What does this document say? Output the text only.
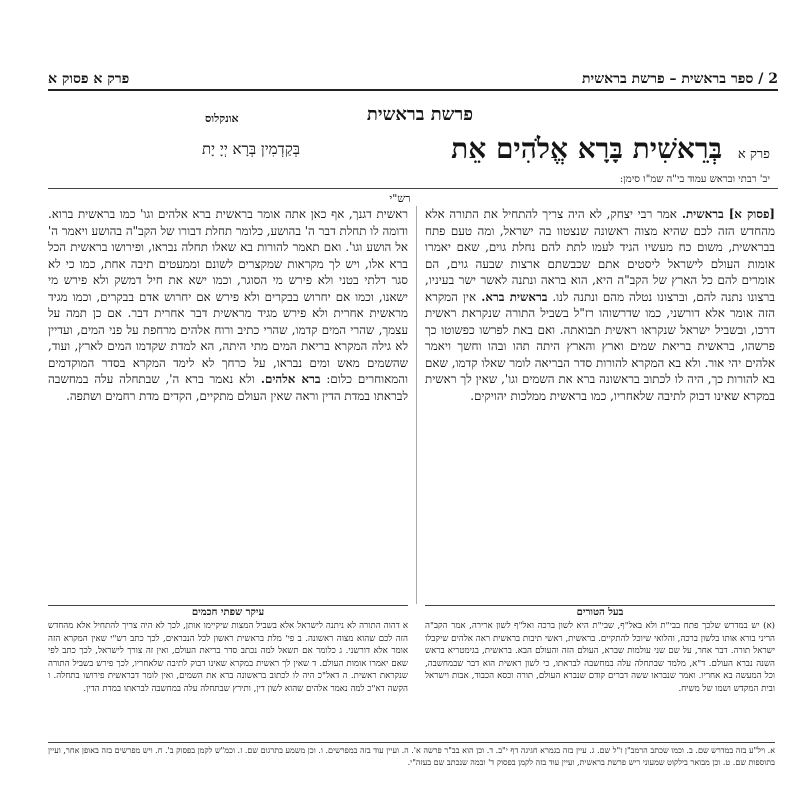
2 / ספר בראשית – פרשת בראשית
פרק א פסוק א
פרשת בראשית
אונקלוס
פרק א בְּרֵאשִׁית בָּרָא אֱלֹהִים אֵת
בְּקַדְמִין בְּרָא יְיָ יָת
יב' רבתי ובראש עמוד בי"ה שמ"ו סימן:
רש"י
[פסוק א] בראשית. אמר רבי יצחק, לא היה צריך להתחיל את התורה אלא מהחדש הזה לכם שהיא מצוה ראשונה שנצטוו בה ישראל, ומה טעם פתח בבראשית, משום כח מעשיו הגיד לעמו לתת להם נחלת גוים, שאם יאמרו אומות העולם לישראל ליסטים אתם שכבשתם ארצות שבעה גוים, הם אומרים להם כל הארץ של הקב"ה היא, הוא בראה ונתנה לאשר ישר בעיניו, ברצונו נתנה להם, וברצונו נטלה מהם ונתנה לנו. בראשית ברא. אין המקרא הזה אומר אלא דורשני, כמו שדרשוהו רז"ל בשביל התורה שנקראת ראשית דרכו, ובשביל ישראל שנקראו ראשית תבואתה. ואם באת לפרשו כפשוטו כך פרשהו, בראשית בריאת שמים וארץ והארץ היתה תהו ובהו וחשך ויאמר אלהים יהי אור. ולא בא המקרא להורות סדר הבריאה לומר שאלו קדמו, שאם בא להורות כך, היה לו לכתוב בראשונה ברא את השמים וגו', שאין לך ראשית במקרא שאינו דבוק לתיבה שלאחריו, כמו בראשית ממלכות יהויקים.
ראשית דגנך, אף כאן אתה אומר בראשית ברא אלהים וגו' כמו בראשית ברוא. ודומה לו תחלת דבר ה' בהושע, כלומר תחלת דבורו של הקב"ה בהושע ויאמר ה' אל הושע וגו'. ואם תאמר להורות בא שאלו תחלה נבראו, ופירושו בראשית הכל ברא אלו, ויש לך מקראות שמקצרים לשונם וממעטים תיבה אחת, כמו כי לא סגר דלתי בטני ולא פירש מי הסוגר, וכמו ישא את חיל דמשק ולא פירש מי ישאנו, וכמו אם יחרוש בבקרים ולא פירש אם יחרוש אדם בבקרים, וכמו מגיד מראשית אחרית ולא פירש מגיד מראשית דבר אחרית דבר. אם כן תמה על עצמך, שהרי המים קדמו, שהרי כתיב ורוח אלהים מרחפת על פני המים, ועדיין לא גילה המקרא בריאת המים מתי היתה, הא למדת שקדמו המים לארץ, ועוד, שהשמים מאש ומים נבראו, על כרחך לא לימד המקרא בסדר המוקדמים והמאוחרים כלום: ברא אלהים. ולא נאמר ברא ה', שבתחלה עלה במחשבה לבראתו במדת הדין וראה שאין העולם מתקיים, הקדים מדת רחמים ושתפה.
עיקר שפתי חכמים	בעל הטורים
א דהוה התורה לא ניתנה לישראל אלא בשביל המצות שיקיימו אותן, לכך לא היה צריך להתחיל אלא מהחדש הזה לכם שהוא מצוה ראשונה. ב פי' מלת בראשית ראשון לכל הנבראים, לכך כתב רש"י שאין המקרא הזה אומר אלא דורשני. ג כלומר אם תשאל למה נכתב סדר בריאת העולם, ואין זה צורך לישראל, לכך כתב לפי שאם יאמרו אומות העולם. ד שאין לך ראשית במקרא שאינו דבוק לתיבה שלאחריו, לכך פירש בשביל התורה שנקראת ראשית. ה דאל"כ היה לו לכתוב בראשונה ברא את השמים, ואין לומר דבראשית פירושו בתחלה. ו הקשה דא"כ למה נאמר אלהים שהוא לשון דין, ותירץ שבתחלה עלה במחשבה לבראתו במדת הדין.
(א) יש במדרש שלכך פתח בבי"ת ולא באל"ף, שבי"ת היא לשון ברכה ואל"ף לשון ארירה, אמר הקב"ה הריני בורא אותו בלשון ברכה, והלואי שיוכל להתקיים. בראשית, ראשי תיבות בראשית ראה אלהים שיקבלו ישראל תורה. דבר אחר, על שם שני עולמות שברא, העולם הזה והעולם הבא. בראשית, בגימטריא בראש השנה נברא העולם. ד"א, מלמד שבתחלה עלה במחשבה לבראתו, כי לשון ראשית הוא דבר שבמחשבה, וכל המעשה בא אחריו. ואמר שנבראו ששה דברים קודם שנברא העולם, תורה וכסא הכבוד, אבות וישראל ובית המקדש ושמו של משיח.
א. ויל"ע בזה במדרש שם. ב. וכמו שכתב הרמב"ן ז"ל שם. ג. עיין בזה בגמרא חגיגה דף י"ב. ד. וכן הוא בב"ר פרשה א'. ה. ועיין עוד בזה במפרשים. ו. וכן משמע בתרגום שם. ז. וכמ"ש לקמן בפסוק ב'. ח. ויש מפרשים בזה באופן אחר, ועיין בתוספות שם. ט. וכן מבואר בילקוט שמעוני ריש פרשת בראשית, ועיין עוד בזה לקמן בפסוק ד' ובמה שנכתב שם בעזה"י.
